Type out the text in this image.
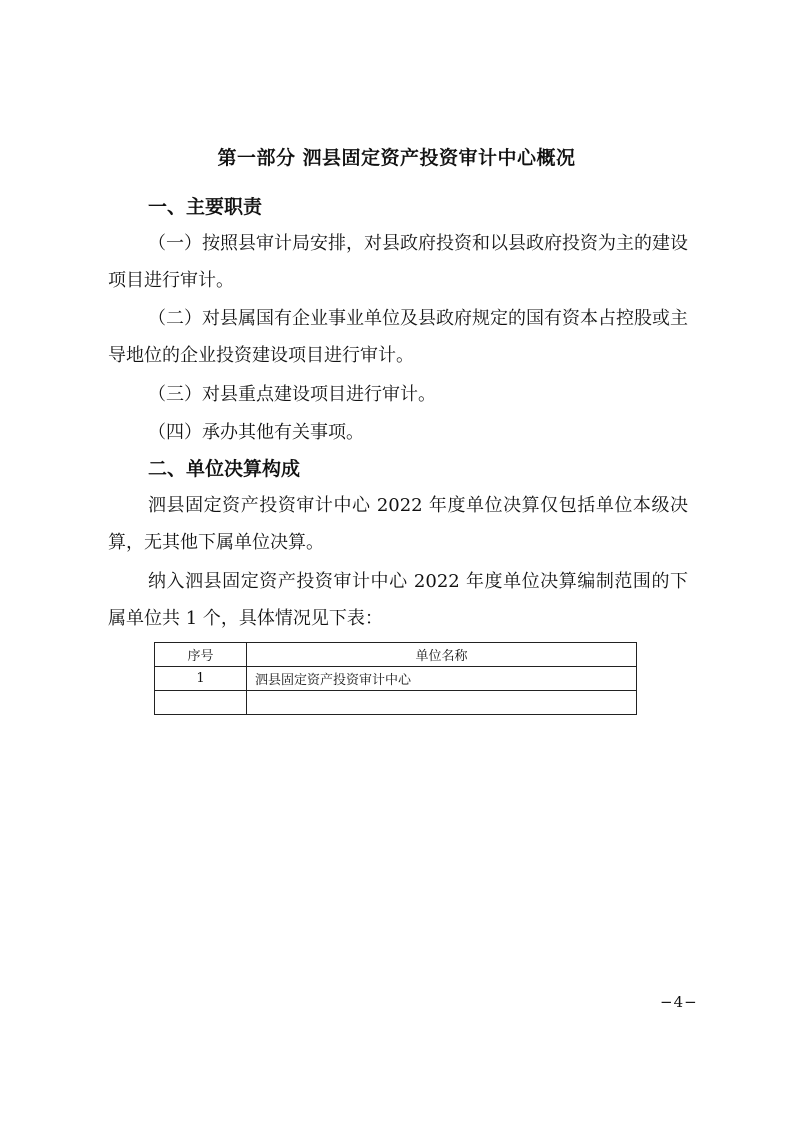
第一部分 泗县固定资产投资审计中心概况
一、主要职责
（一）按照县审计局安排，对县政府投资和以县政府投资为主的建设项目进行审计。
（二）对县属国有企业事业单位及县政府规定的国有资本占控股或主导地位的企业投资建设项目进行审计。
（三）对县重点建设项目进行审计。
（四）承办其他有关事项。
二、单位决算构成
泗县固定资产投资审计中心 2022 年度单位决算仅包括单位本级决算，无其他下属单位决算。
纳入泗县固定资产投资审计中心 2022 年度单位决算编制范围的下属单位共 1 个，具体情况见下表：
序号	单位名称
1	泗县固定资产投资审计中心

−4−
